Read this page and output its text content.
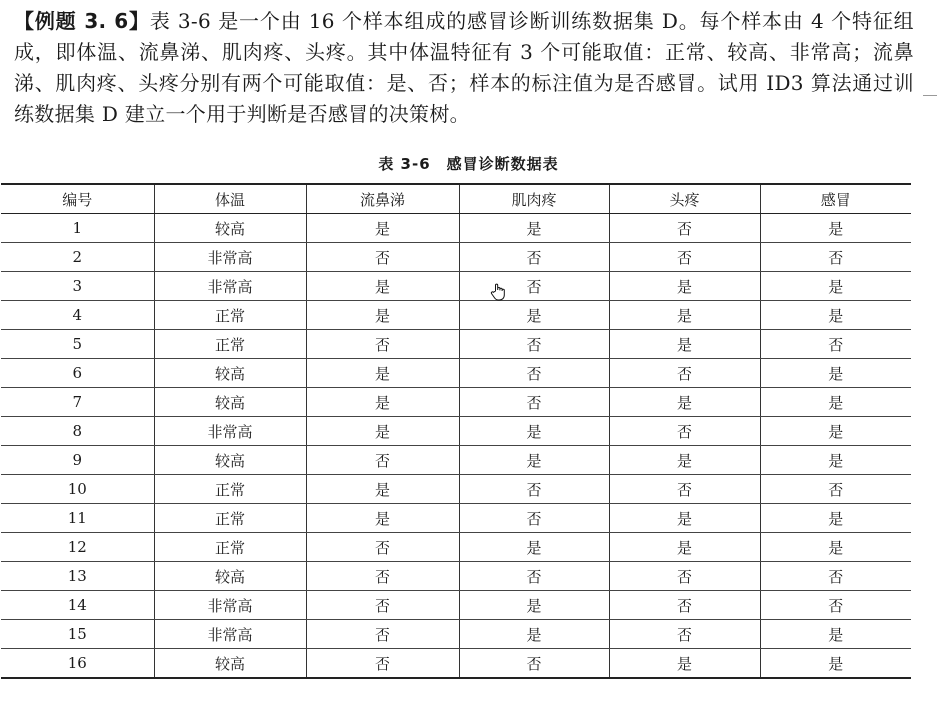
【例题 3. 6】表 3-6 是一个由 16 个样本组成的感冒诊断训练数据集 D。每个样本由 4 个特征组成，即体温、流鼻涕、肌肉疼、头疼。其中体温特征有 3 个可能取值：正常、较高、非常高；流鼻涕、肌肉疼、头疼分别有两个可能取值：是、否；样本的标注值为是否感冒。试用 ID3 算法通过训练数据集 D 建立一个用于判断是否感冒的决策树。
表 3-6　感冒诊断数据表
编号	体温	流鼻涕	肌肉疼	头疼	感冒
1	较高	是	是	否	是
2	非常高	否	否	否	否
3	非常高	是	否	是	是
4	正常	是	是	是	是
5	正常	否	否	是	否
6	较高	是	否	否	是
7	较高	是	否	是	是
8	非常高	是	是	否	是
9	较高	否	是	是	是
10	正常	是	否	否	否
11	正常	是	否	是	是
12	正常	否	是	是	是
13	较高	否	否	否	否
14	非常高	否	是	否	否
15	非常高	否	是	否	是
16	较高	否	否	是	是
